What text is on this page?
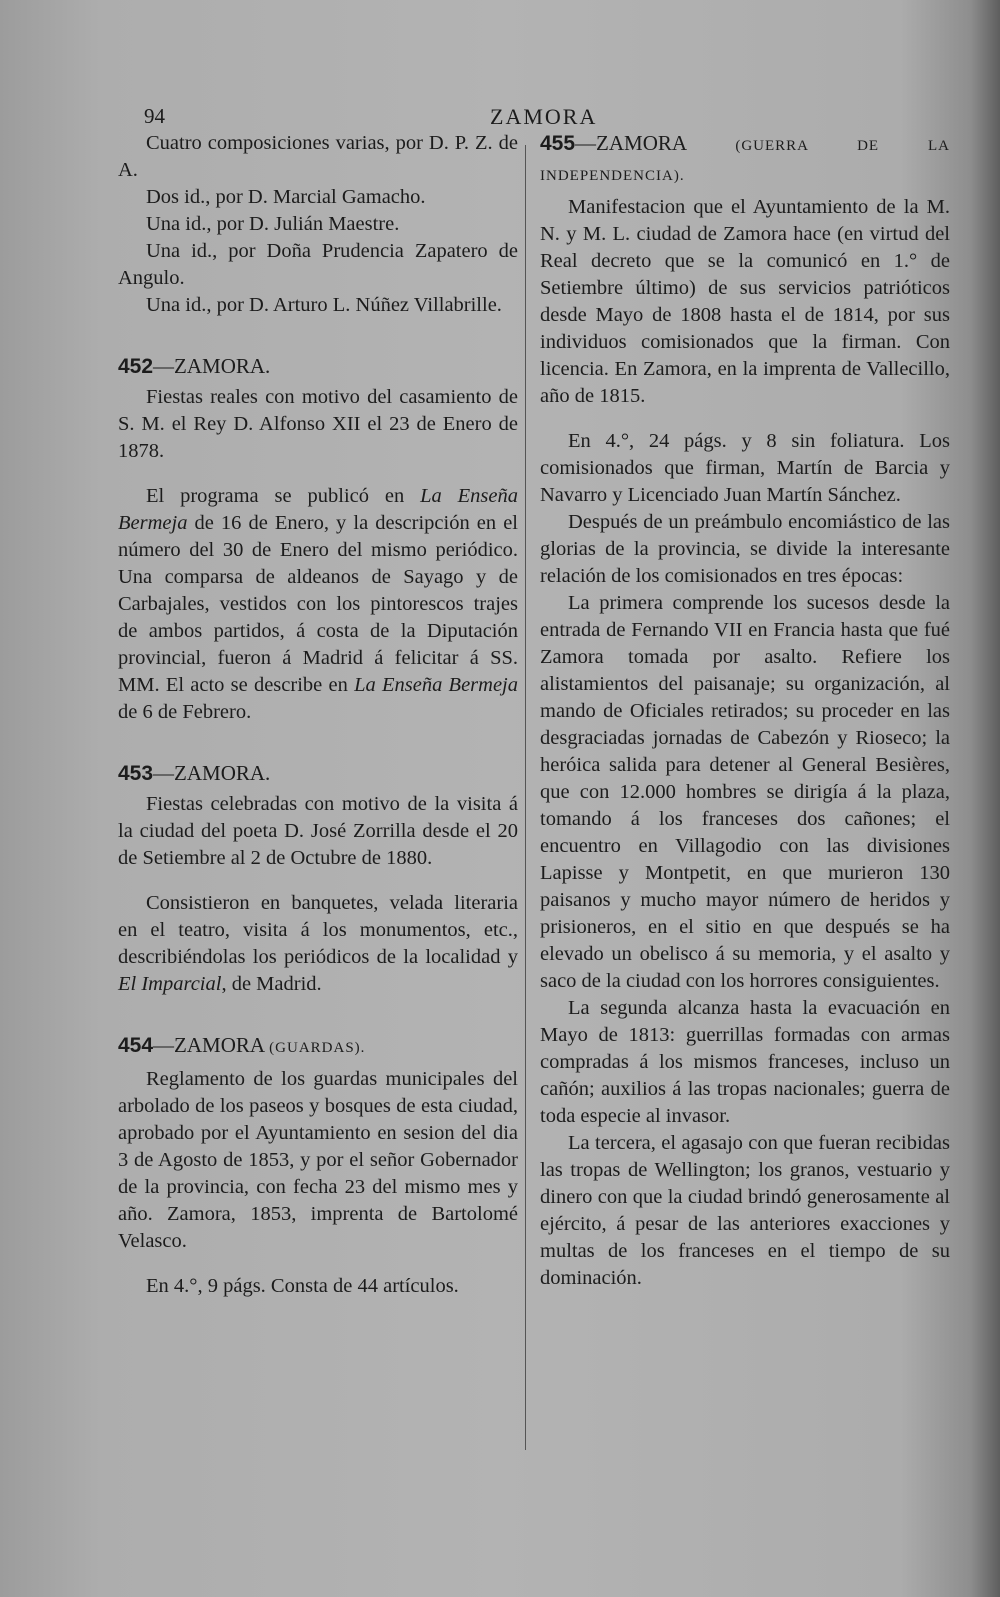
94	ZAMORA

Cuatro composiciones varias, por D. P. Z. de A.

Dos id., por D. Marcial Gamacho.

Una id., por D. Julián Maestre.

Una id., por Doña Prudencia Zapatero de Angulo.

Una id., por D. Arturo L. Núñez Villabrille.

452—ZAMORA.

Fiestas reales con motivo del casamiento de S. M. el Rey D. Alfonso XII el 23 de Enero de 1878.

El programa se publicó en La Enseña Bermeja de 16 de Enero, y la descripción en el número del 30 de Enero del mismo periódico. Una comparsa de aldeanos de Sayago y de Carbajales, vestidos con los pintorescos trajes de ambos partidos, á costa de la Diputación provincial, fueron á Madrid á felicitar á SS. MM. El acto se describe en La Enseña Bermeja de 6 de Febrero.

453—ZAMORA.

Fiestas celebradas con motivo de la visita á la ciudad del poeta D. José Zorrilla desde el 20 de Setiembre al 2 de Octubre de 1880.

Consistieron en banquetes, velada literaria en el teatro, visita á los monumentos, etc., describiéndolas los periódicos de la localidad y El Imparcial, de Madrid.

454—ZAMORA (GUARDAS).

Reglamento de los guardas municipales del arbolado de los paseos y bosques de esta ciudad, aprobado por el Ayuntamiento en sesion del dia 3 de Agosto de 1853, y por el señor Gobernador de la provincia, con fecha 23 del mismo mes y año. Zamora, 1853, imprenta de Bartolomé Velasco.

En 4.°, 9 págs. Consta de 44 artículos.

455—ZAMORA (GUERRA DE LA INDEPENDENCIA).

Manifestacion que el Ayuntamiento de la M. N. y M. L. ciudad de Zamora hace (en virtud del Real decreto que se la comunicó en 1.° de Setiembre último) de sus servicios patrióticos desde Mayo de 1808 hasta el de 1814, por sus individuos comisionados que la firman. Con licencia. En Zamora, en la imprenta de Vallecillo, año de 1815.

En 4.°, 24 págs. y 8 sin foliatura. Los comisionados que firman, Martín de Barcia y Navarro y Licenciado Juan Martín Sánchez.

Después de un preámbulo encomiástico de las glorias de la provincia, se divide la interesante relación de los comisionados en tres épocas:

La primera comprende los sucesos desde la entrada de Fernando VII en Francia hasta que fué Zamora tomada por asalto. Refiere los alistamientos del paisanaje; su organización, al mando de Oficiales retirados; su proceder en las desgraciadas jornadas de Cabezón y Rioseco; la heróica salida para detener al General Besières, que con 12.000 hombres se dirigía á la plaza, tomando á los franceses dos cañones; el encuentro en Villagodio con las divisiones Lapisse y Montpetit, en que murieron 130 paisanos y mucho mayor número de heridos y prisioneros, en el sitio en que después se ha elevado un obelisco á su memoria, y el asalto y saco de la ciudad con los horrores consiguientes.

La segunda alcanza hasta la evacuación en Mayo de 1813: guerrillas formadas con armas compradas á los mismos franceses, incluso un cañón; auxilios á las tropas nacionales; guerra de toda especie al invasor.

La tercera, el agasajo con que fueran recibidas las tropas de Wellington; los granos, vestuario y dinero con que la ciudad brindó generosamente al ejército, á pesar de las anteriores exacciones y multas de los franceses en el tiempo de su dominación.
